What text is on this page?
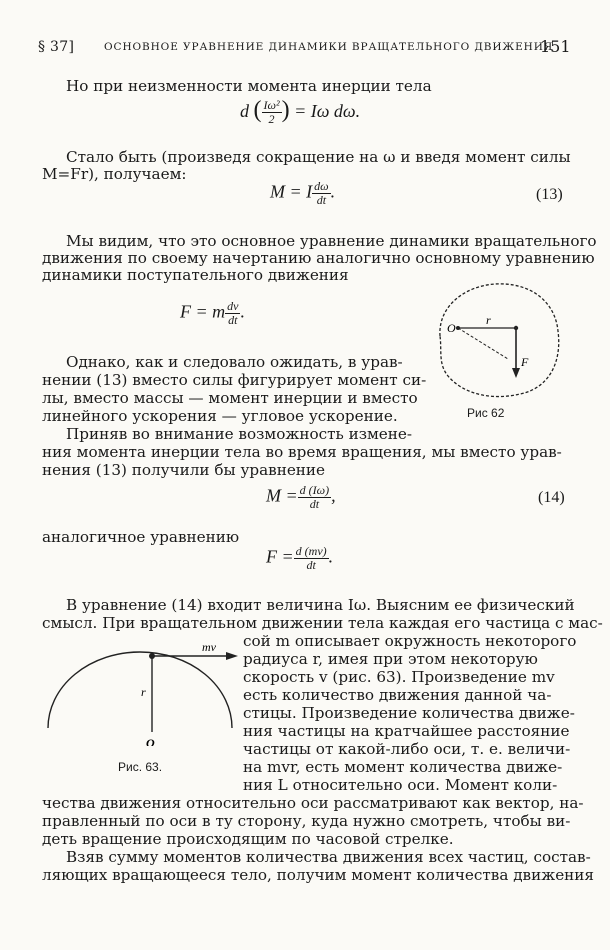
§ 37]	ОСНОВНОЕ УРАВНЕНИЕ ДИНАМИКИ ВРАЩАТЕЛЬНОГО ДВИЖЕНИЯ
151
Но при неизменности момента инерции тела
d ( $\frac{\text{Iω²}}{2}$ ) = Iω dω.
Стало быть (произведя сокращение на ω и введя момент силы
M=Fr), получаем:
M = I $\frac{d\omega}{dt}$ .	(13)
Мы видим, что это основное уравнение динамики вращательного
движения по своему начертанию аналогично основному уравнению
динамики поступательного движения
F = m $\frac{dv}{dt}$ .
O
r
F
Рис 62
Однако, как и следовало ожидать, в урав-
нении (13) вместо силы фигурирует момент си-
лы, вместо массы — момент инерции и вместо
линейного ускорения — угловое ускорение.
Приняв во внимание возможность измене-
ния момента инерции тела во время вращения, мы вместо урав-
нения (13) получили бы уравнение
$M = \frac{d (I\omega)}{dt}$ ,	(14)
аналогичное уравнению
$F = \frac{d (mv)}{dt}$ .
В уравнение (14) входит величина Iω. Выясним ее физический
смысл. При вращательном движении тела каждая его частица с мас-
сой m описывает окружность некоторого
радиуса r, имея при этом некоторую
скорость v (рис. 63). Произведение mv
есть количество движения данной ча-
стицы. Произведение количества движе-
ния частицы на кратчайшее расстояние
частицы от какой-либо оси, т. е. величи-
на mvr, есть момент количества движе-
ния L относительно оси. Момент коли-
чества движения относительно оси рассматривают как вектор, на-
правленный по оси в ту сторону, куда нужно смотреть, чтобы ви-
деть вращение происходящим по часовой стрелке.
mv
r
O
Рис. 63.
Взяв сумму моментов количества движения всех частиц, состав-
ляющих вращающееся тело, получим момент количества движения
